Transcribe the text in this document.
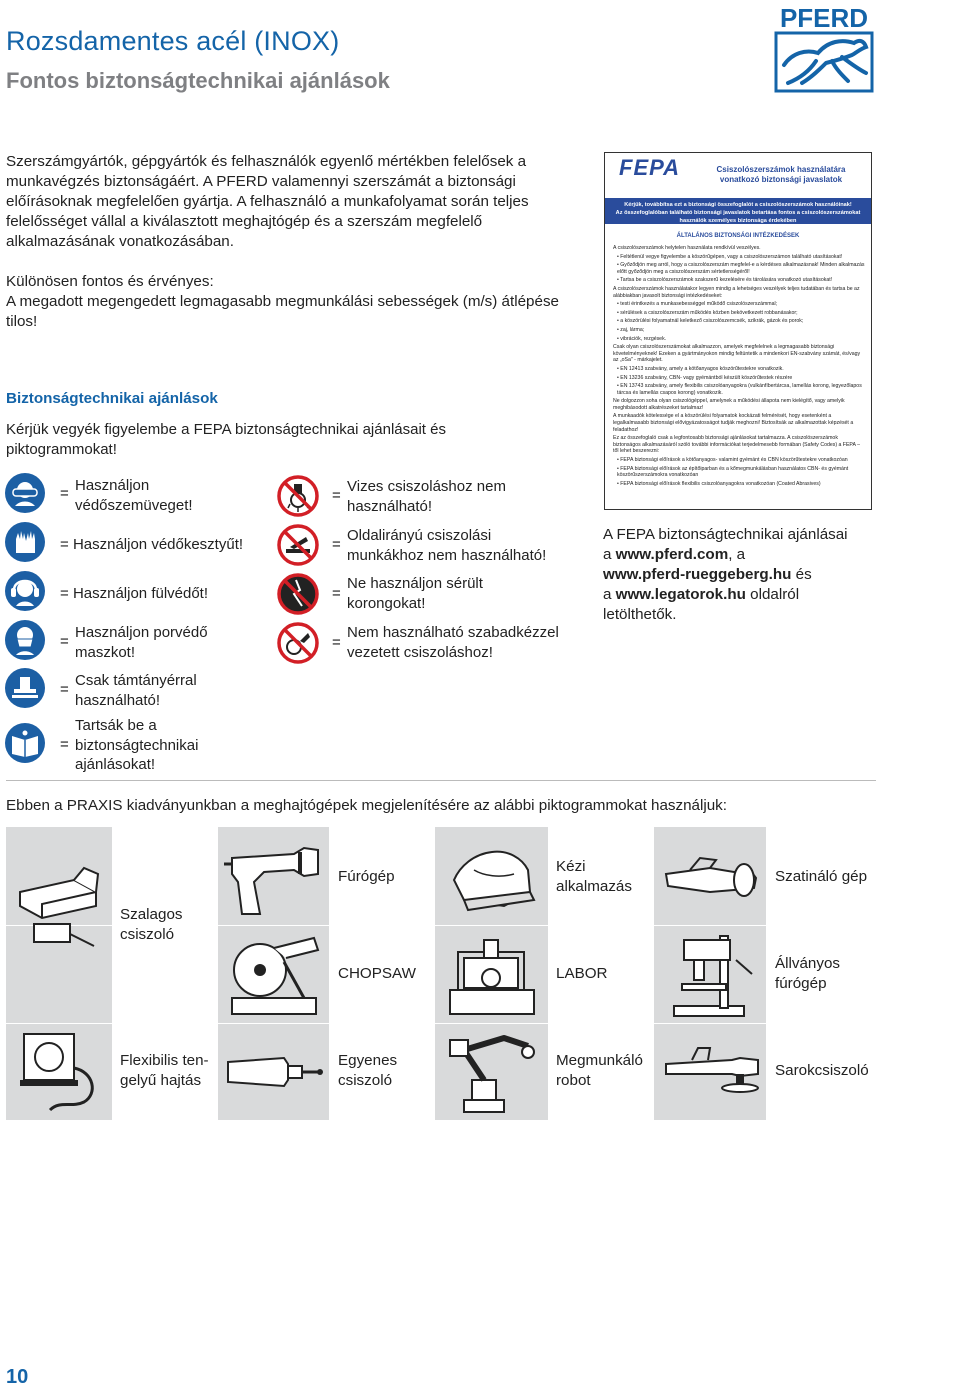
Rozsdamentes acél (INOX)
Fontos biztonságtechnikai ajánlások
PFERD

Szerszámgyártók, gépgyártók és felhasználók egyenlő mértékben felelősek a munkavégzés biztonságáért. A PFERD valamennyi szerszámát a biztonsági előírásoknak megfelelően gyártja. A felhasználó a munkafolyamat során teljes felelősséget vállal a kiválasztott meghajtógép és a szerszám megfelelő alkalmazásának vonatkozásában.

Különösen fontos és érvényes:

A megadott megengedett legmagasabb megmunkálási sebességek (m/s) átlépése tilos!

Biztonságtechnikai ajánlások
Kérjük vegyék figyelembe a FEPA biztonságtechnikai ajánlásait és piktogrammokat!
= Használjon
védőszemüveget!
= Használjon védőkesztyűt!
= Használjon fülvédőt!
=
Használjon porvédő
maszkot!
=
Csak támtányérral
használható!
=
Tartsák be a
biztonságtechnikai
ajánlásokat!
=
Vizes csiszoláshoz nem
használható!
=
Oldalirányú csiszolási
munkákhoz nem használható!
=
Ne használjon sérült
korongokat!
=
Nem használható szabadkézzel
vezetett csiszoláshoz!
FEPA	Csiszolószerszámok használatára
vonatkozó biztonsági javaslatok
Kérjük, továbbítsa ezt a biztonsági összefoglalót a csiszolószerszámok használóinak!
Az összefoglalóban található biztonsági javaslatok betartása fontos a csiszolószerszámokat használók személyes biztonsága érdekében
ÁLTALÁNOS BIZTONSÁGI INTÉZKEDÉSEK

A csiszolószerszámok helytelen használata rendkívül veszélyes.

• Feltétlenül vegye figyelembe a köszörűgépen, vagy a csiszolószerszámon található utasításokat!

• Győződjön meg arról, hogy a csiszolószerszám megfelel-e a kérdéses alkalmazásnak! Minden alkalmazás előtt győződjön meg a csiszolószerszám sértetlenségéről!

• Tartsa be a csiszolószerszámok szakszerű kezelésére és tárolására vonatkozó utasításokat!

A csiszolószerszámok használatakor legyen mindig a lehetséges veszélyek teljes tudatában és tartsa be az alábbiakban javasolt biztonsági intézkedéseket:

• testi érintkezés a munkasebességgel működő csiszolószerszámmal;

• sérülések a csiszolószerszám működés közben bekövetkezett robbanásakor;

• a köszörülési folyamatnál keletkező csiszolószemcsék, szikrák, gázok és porok;

• zaj, lárma;

• vibrációk, rezgések.

Csak olyan csiszolószerszámokat alkalmazzon, amelyek megfelelnek a legmagasabb biztonsági követelményeknek! Ezeken a gyártmányokon mindig feltüntetik a mindenkori EN-szabvány számát, és/vagy az „oSa" - márkajelet.

• EN 12413 szabvány, amely a kötőanyagos köszörűtestekre vonatkozik.

• EN 13236 szabvány, CBN- vagy gyémántból készült köszörűtestek részére

• EN 13743 szabvány, amely flexibilis csiszolóanyagokra (vulkánfíbertárcsa, lamellás korong, legyezőlapos tárcsa és lamellás csapos korong) vonatkozik.

Ne dolgozzon soha olyan csiszológéppel, amelynek a működési állapota nem kielégítő, vagy amelyik meghibásodott alkatrészeket tartalmaz!

A munkaadók kötelessége el a köszörülési folyamatok kockázati felmérését, hogy esetenként a legalkalmasabb biztonsági elővigyázatosságot tudják meghozni! Biztosítsák az alkalmazottak képzését a feladathoz!

Ez az összefoglaló csak a legfontosabb biztonsági ajánlásokat tartalmazza. A csiszolószerszámok biztonságos alkalmazásáról szóló további információkat terjedelmesebb formában (Safety Codes) a FEPA – től lehet beszerezni:

• FEPA biztonsági előírások a kötőanyagos- valamint gyémánt és CBN köszörűtestekre vonatkozóan

• FEPA biztonsági előírások az építőiparban és a kőmegmunkálásban használatos CBN- és gyémánt köszörűszerszámokra vonatkozóan

• FEPA biztonsági előírások flexibilis csiszolóanyagokra vonatkozóan (Coated Abrasives)

A FEPA biztonságtechnikai ajánlásai
a www.pferd.com, a
www.pferd-rueggeberg.hu és
a www.legatorok.hu oldalról
letölthetők.
Ebben a PRAXIS kiadványunkban a meghajtógépek megjelenítésére az alábbi piktogrammokat használjuk:
Szalagos
csiszoló
Fúrógép
Kézi
alkalmazás
Szatináló gép
CHOPSAW	LABOR
Állványos
fúrógép
Flexibilis ten-
gelyű hajtás
Egyenes
csiszoló
Megmunkáló
robot
Sarokcsiszoló
10
